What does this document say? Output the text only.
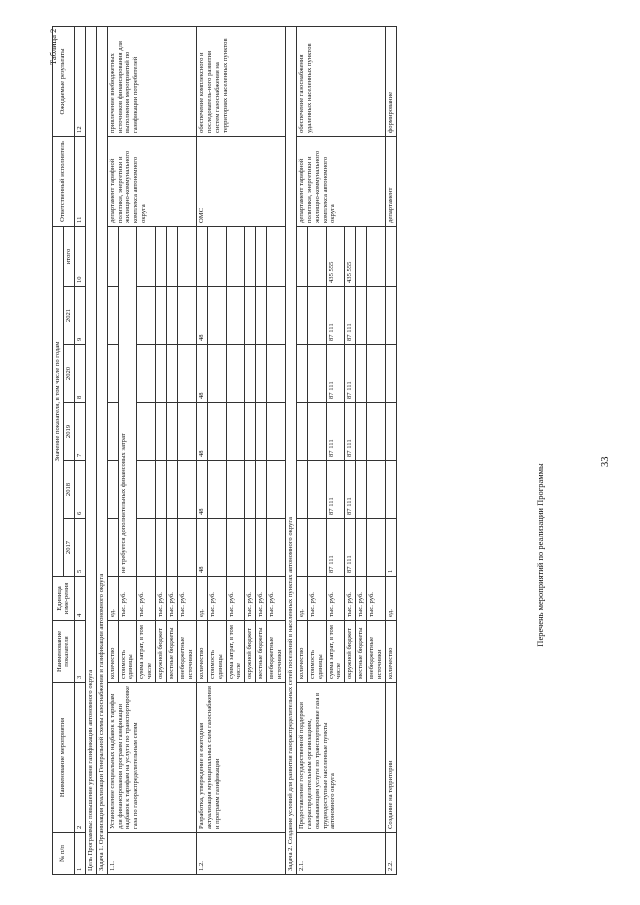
33
Таблица 2
№ п/п	Наименование мероприятия	Наименование показателя	Единица изме-рения	Значение показателя, в том числе по годам						Ответственный исполнитель	Ожидаемые результаты
				2017	2018	2019	2020	2021	итого		
1	2	3	4	5	6	7	8	9	10	11	12
Цель Программы: повышение уровня газификации автономного округа											
Задача 1. Организация реализации Генеральной схемы газоснабжения и газификации автономного округа											
1.1.	Установление специальных надбавок к тарифам для финансирования программ газификации надбавок к тарифам на услуги по транспортировке газа по газораспределительным сетям	количество	ед.							департамент тарифной политики, энергетики и жилищно-коммунального комплекса автономного округа	привлечение внебюджетных источников финансирования для выполнения мероприятий по газификации потребителей
		стоимость единицы	тыс. руб.	не требуется дополнительных финансовых затрат							
		сумма затрат, в том числе	тыс. руб.								
		окружной бюджет	тыс. руб.								
		местные бюджеты	тыс. руб.								
		внебюджетные источники	тыс. руб.								
1.2.	Разработка, утверждение и ежегодная актуализация муниципальных схем газоснабжения и программ газификации	количество	ед.	48	48	48	48	48		ОМС	обеспечение комплексного и последователь-ного развития систем газоснабжения на территориях населенных пунктов
		стоимость единицы	тыс. руб.								
		сумма затрат, в том числе	тыс. руб.								
		окружной бюджет	тыс. руб.								
		местные бюджеты	тыс. руб.								
		внебюджетные источники	тыс. руб.								
Задача 2. Создание условий для развития газораспределительных сетей поселений в населенных пунктах автономного округа											
2.1.	Предоставление государственной поддержки газораспределительным организациям, оказывающим услуги по транспортировке газа в труднодоступные населенные пункты автономного округа	количество	ед.							департамент тарифной политики, энергетики и жилищно-коммунального комплекса автономного округа	обеспечение газоснабжения удаленных населенных пунктов
		стоимость единицы	тыс. руб.								
		сумма затрат, в том числе	тыс. руб.	87 111	87 111	87 111	87 111	87 111	435 555		
		окружной бюджет	тыс. руб.	87 111	87 111	87 111	87 111	87 111	435 555		
		местные бюджеты	тыс. руб.								
		внебюджетные источники	тыс. руб.								
2.2.	Создание на территории	количество	ед.	1						департамент	формирование
Перечень мероприятий по реализации Программы
